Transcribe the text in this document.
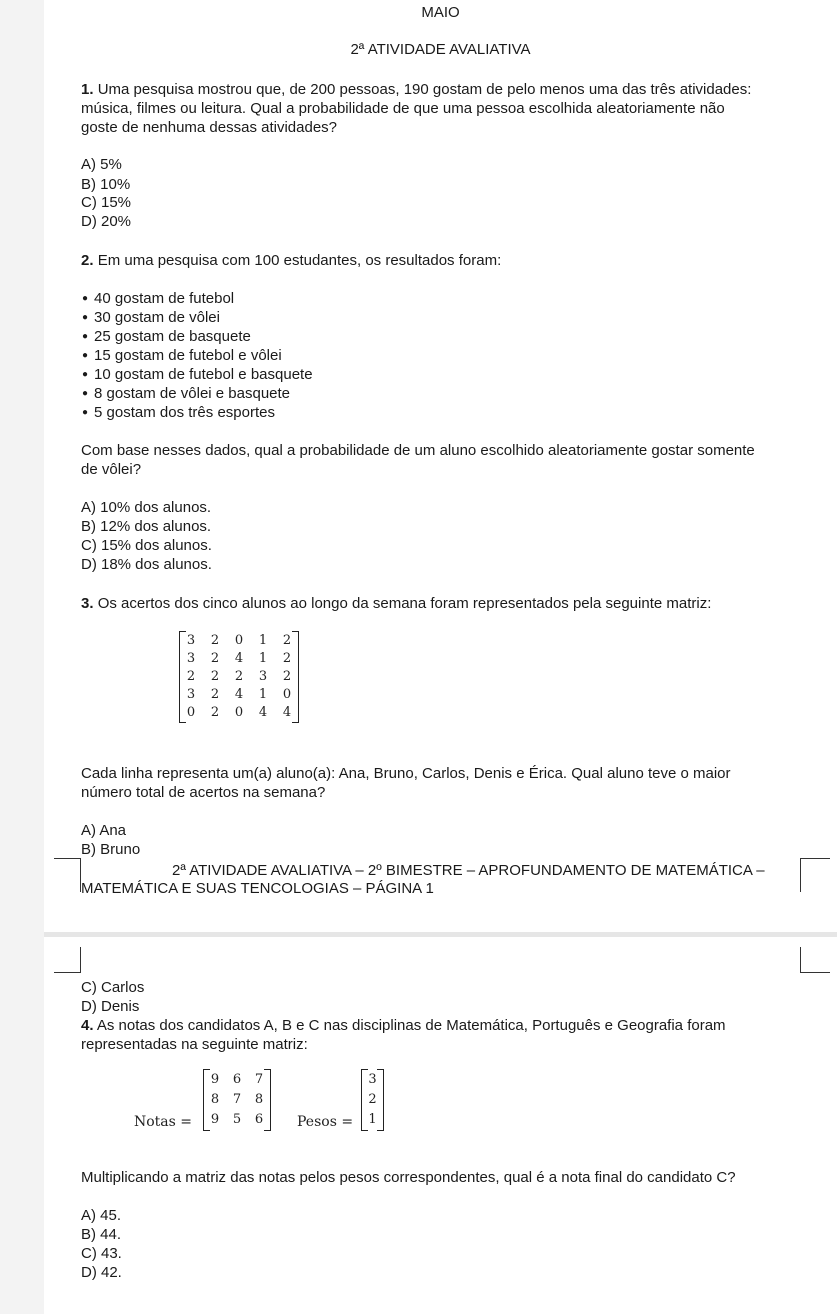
MAIO
2ª ATIVIDADE AVALIATIVA
1. Uma pesquisa mostrou que, de 200 pessoas, 190 gostam de pelo menos uma das três atividades:
música, filmes ou leitura. Qual a probabilidade de que uma pessoa escolhida aleatoriamente não
goste de nenhuma dessas atividades?
A) 5%
B) 10%
C) 15%
D) 20%
2. Em uma pesquisa com 100 estudantes, os resultados foram:
● 40 gostam de futebol
● 30 gostam de vôlei
● 25 gostam de basquete
● 15 gostam de futebol e vôlei
● 10 gostam de futebol e basquete
● 8 gostam de vôlei e basquete
● 5 gostam dos três esportes
Com base nesses dados, qual a probabilidade de um aluno escolhido aleatoriamente gostar somente
de vôlei?
A) 10% dos alunos.
B) 12% dos alunos.
C) 15% dos alunos.
D) 18% dos alunos.
3. Os acertos dos cinco alunos ao longo da semana foram representados pela seguinte matriz:
3	2	0	1	2
3	2	4	1	2
2	2	2	3	2
3	2	4	1	0
0	2	0	4	4
Cada linha representa um(a) aluno(a): Ana, Bruno, Carlos, Denis e Érica. Qual aluno teve o maior
número total de acertos na semana?
A) Ana
B) Bruno
2ª ATIVIDADE AVALIATIVA – 2º BIMESTRE – APROFUNDAMENTO DE MATEMÁTICA –
MATEMÁTICA E SUAS TENCOLOGIAS – PÁGINA 1
C) Carlos
D) Denis
4. As notas dos candidatos A, B e C nas disciplinas de Matemática, Português e Geografia foram
representadas na seguinte matriz:
Notas =
9	6	7
8	7	8
9	5	6	Pesos =
3
2
1
Multiplicando a matriz das notas pelos pesos correspondentes, qual é a nota final do candidato C?
A) 45.
B) 44.
C) 43.
D) 42.
